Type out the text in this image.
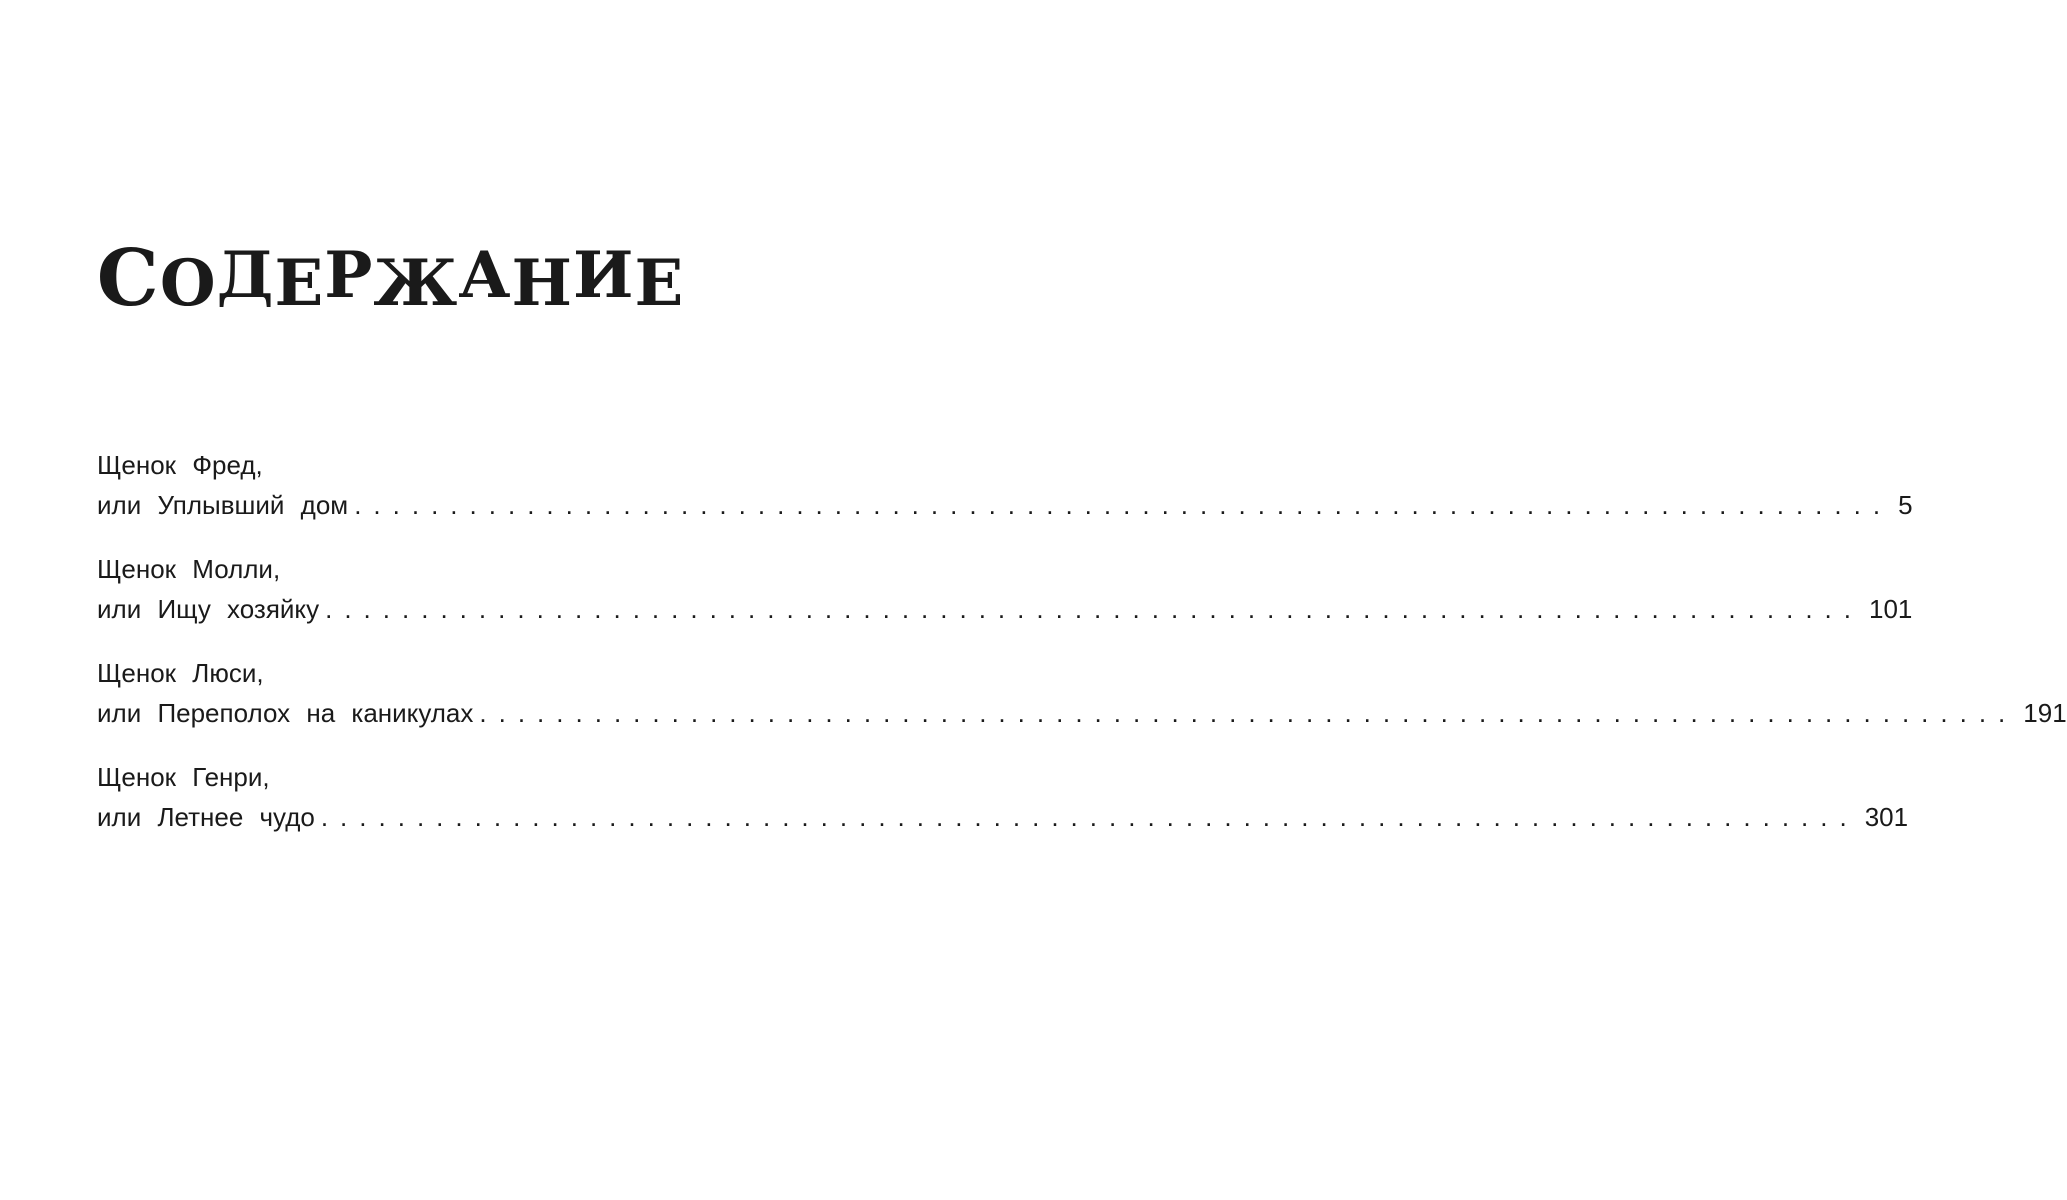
СОДЕРЖАНИЕ
Щенок Фред,
или Уплывший дом ................................................................................ 5
Щенок Молли,
или Ищу хозяйку ................................................................................ 101
Щенок Люси,
или Переполох на каникулах ................................................................................ 191
Щенок Генри,
или Летнее чудо ................................................................................ 301
